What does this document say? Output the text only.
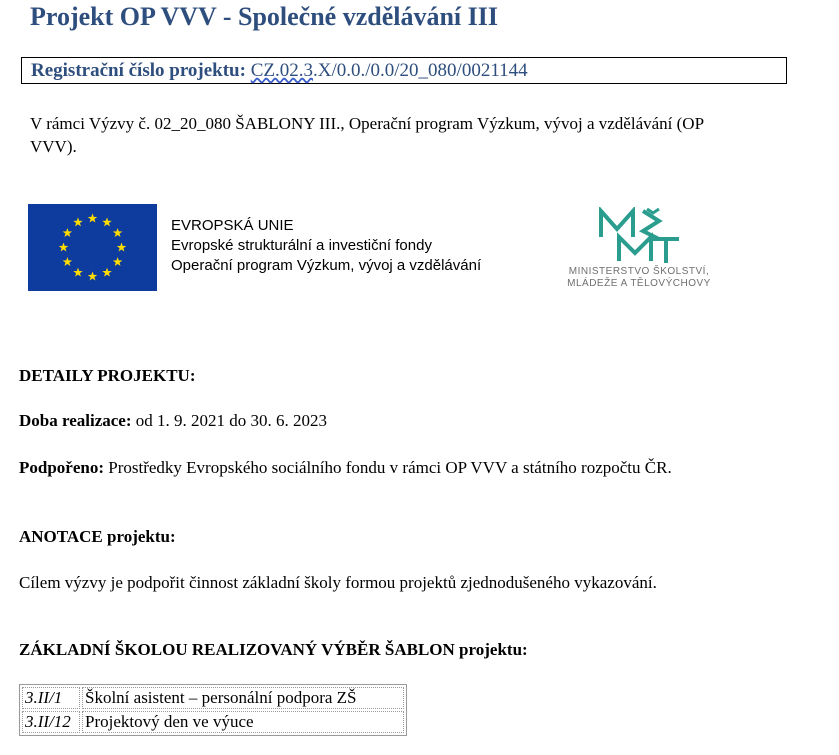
Projekt OP VVV - Společné vzdělávání III
Registrační číslo projektu: CZ.02.3.X/0.0./0.0/20_080/0021144

V rámci Výzvy č. 02_20_080 ŠABLONY III., Operační program Výzkum, vývoj a vzdělávání (OP VVV).

EVROPSKÁ UNIE
Evropské strukturální a investiční fondy
Operační program Výzkum, vývoj a vzdělávání	MINISTERSTVO ŠKOLSTVÍ,
MLÁDEŽE A TĚLOVÝCHOVY

DETAILY PROJEKTU:

Doba realizace: od 1. 9. 2021 do 30. 6. 2023

Podpořeno: Prostředky Evropského sociálního fondu v rámci OP VVV a státního rozpočtu ČR.

ANOTACE projektu:

Cílem výzvy je podpořit činnost základní školy formou projektů zjednodušeného vykazování.

ZÁKLADNÍ ŠKOLOU REALIZOVANÝ VÝBĚR ŠABLON projektu:

3.II/1	Školní asistent – personální podpora ZŠ
3.II/12	Projektový den ve výuce
